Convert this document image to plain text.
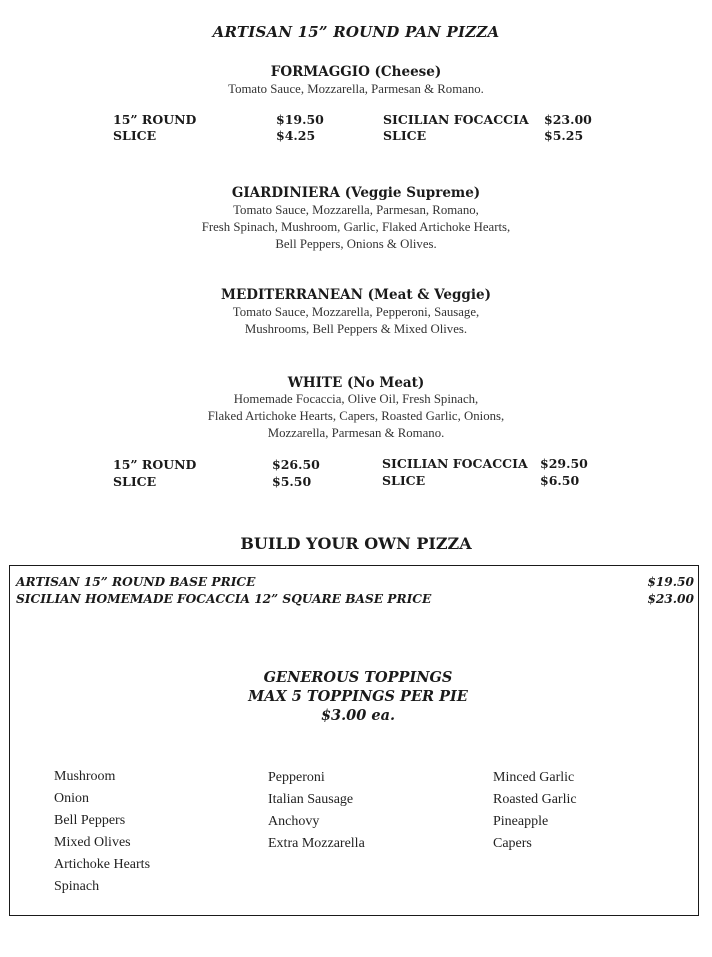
ARTISAN 15” ROUND PAN PIZZA
FORMAGGIO (Cheese)
Tomato Sauce, Mozzarella, Parmesan & Romano.
15” ROUND
SLICE
$19.50
$4.25
SICILIAN FOCACCIA
SLICE
$23.00
$5.25
GIARDINIERA (Veggie Supreme)
Tomato Sauce, Mozzarella, Parmesan, Romano,
Fresh Spinach, Mushroom, Garlic, Flaked Artichoke Hearts,
Bell Peppers, Onions & Olives.
MEDITERRANEAN (Meat & Veggie)
Tomato Sauce, Mozzarella, Pepperoni, Sausage,
Mushrooms, Bell Peppers & Mixed Olives.
WHITE (No Meat)
Homemade Focaccia, Olive Oil, Fresh Spinach,
Flaked Artichoke Hearts, Capers, Roasted Garlic, Onions,
Mozzarella, Parmesan & Romano.
15” ROUND
SLICE
$26.50
$5.50
SICILIAN FOCACCIA
SLICE
$29.50
$6.50
BUILD YOUR OWN PIZZA
ARTISAN 15” ROUND BASE PRICE	$19.50
SICILIAN HOMEMADE FOCACCIA 12” SQUARE BASE PRICE	$23.00
GENEROUS TOPPINGS
MAX 5 TOPPINGS PER PIE
$3.00 ea.
Mushroom
Onion
Bell Peppers
Mixed Olives
Artichoke Hearts
Spinach
Pepperoni
Italian Sausage
Anchovy
Extra Mozzarella
Minced Garlic
Roasted Garlic
Pineapple
Capers
